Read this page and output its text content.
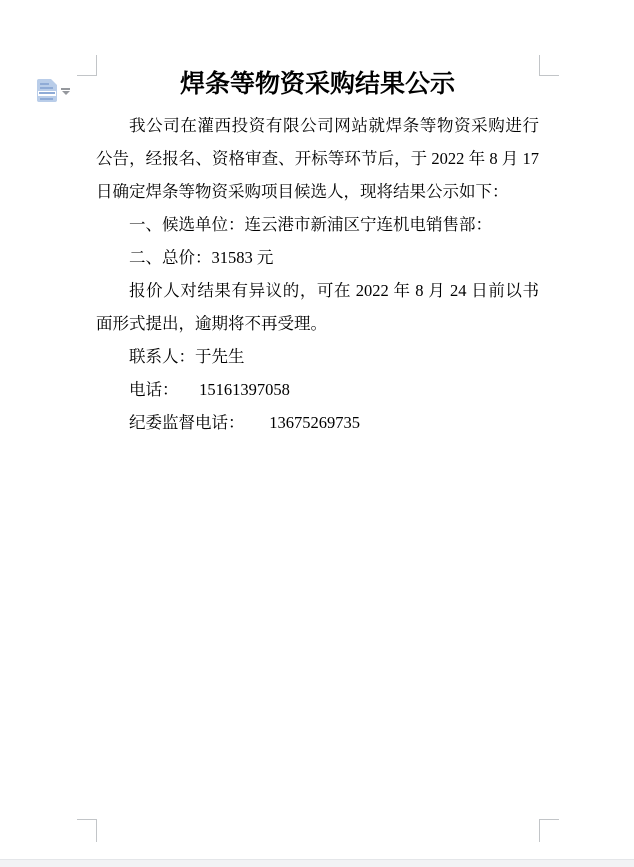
焊条等物资采购结果公示

我公司在灌西投资有限公司网站就焊条等物资采购进行公告，经报名、资格审查、开标等环节后，于 2022 年 8 月 17 日确定焊条等物资采购项目候选人，现将结果公示如下：

一、候选单位：连云港市新浦区宁连机电销售部：

二、总价：31583 元

报价人对结果有异议的，可在 2022 年 8 月 24 日前以书面形式提出，逾期将不再受理。

联系人：于先生

电话：     15161397058

纪委监督电话：      13675269735
